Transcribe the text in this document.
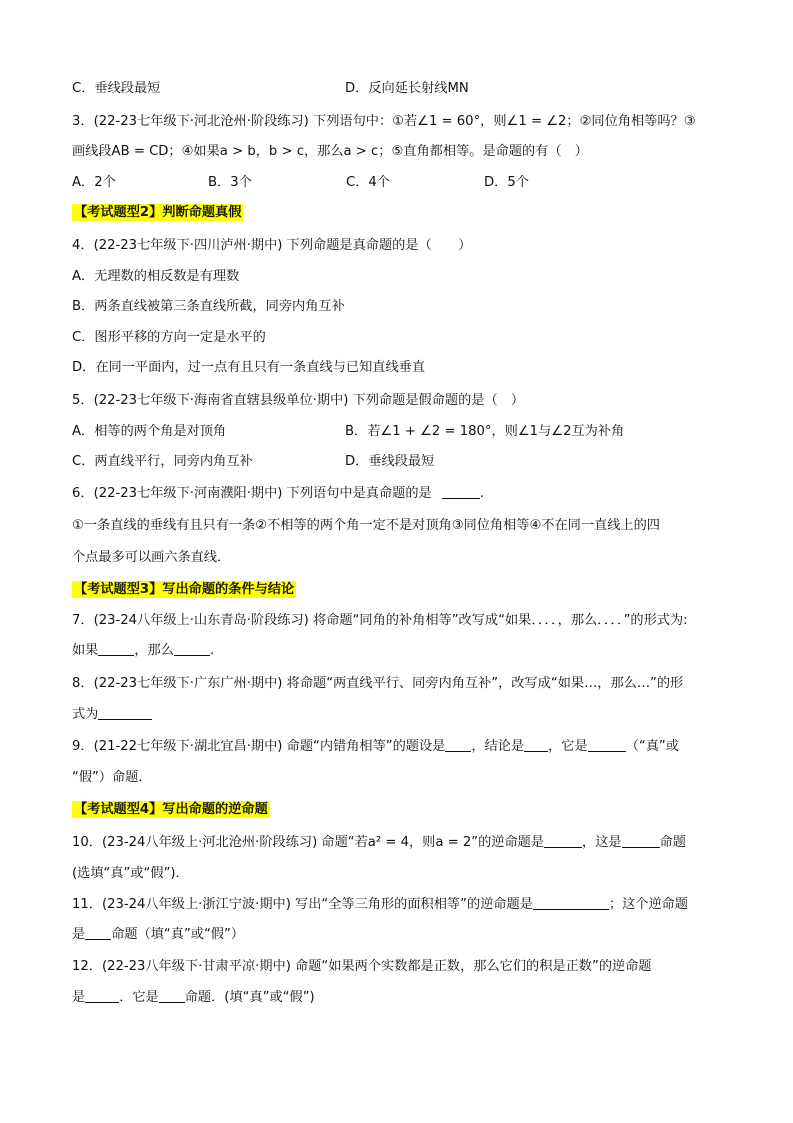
C．垂线段最短	D．反向延长射线MN
3．(22-23七年级下·河北沧州·阶段练习) 下列语句中：①若∠1 = 60°，则∠1 = ∠2；②同位角相等吗？③
画线段AB = CD；④如果a > b，b > c，那么a > c；⑤直角都相等。是命题的有（　）
A．2个	B．3个	C．4个	D．5个
【考试题型2】判断命题真假
4．(22-23七年级下·四川泸州·期中) 下列命题是真命题的是（　　）
A．无理数的相反数是有理数
B．两条直线被第三条直线所截，同旁内角互补
C．图形平移的方向一定是水平的
D．在同一平面内，过一点有且只有一条直线与已知直线垂直
5．(22-23七年级下·海南省直辖县级单位·期中) 下列命题是假命题的是（　）
A．相等的两个角是对顶角	B．若∠1 + ∠2 = 180°，则∠1与∠2互为补角
C．两直线平行，同旁内角互补	D．垂线段最短
6．(22-23七年级下·河南濮阳·期中) 下列语句中是真命题的是	.
①一条直线的垂线有且只有一条②不相等的两个角一定不是对顶角③同位角相等④不在同一直线上的四
个点最多可以画六条直线．
【考试题型3】写出命题的条件与结论
7．(23-24八年级上·山东青岛·阶段练习) 将命题“同角的补角相等”改写成“如果．．．．，那么．．．．”的形式为:
如果	，那么	.
8．(22-23七年级下·广东广州·期中) 将命题“两直线平行、同旁内角互补”，改写成“如果…，那么…”的形
式为
9．(21-22七年级下·湖北宜昌·期中) 命题“内错角相等”的题设是 ，结论是 ，它是	（“真”或
“假”）命题．
【考试题型4】写出命题的逆命题
10．(23-24八年级上·河北沧州·阶段练习) 命题“若a² = 4，则a = 2”的逆命题是	，这是	命题
(选填“真”或“假”)．
11．(23-24八年级上·浙江宁波·期中) 写出“全等三角形的面积相等”的逆命题是	；这个逆命题
是 命题（填“真”或“假”）
12．(22-23八年级下·甘肃平凉·期中) 命题“如果两个实数都是正数，那么它们的积是正数”的逆命题
是	．它是 命题．(填“真”或“假”)
